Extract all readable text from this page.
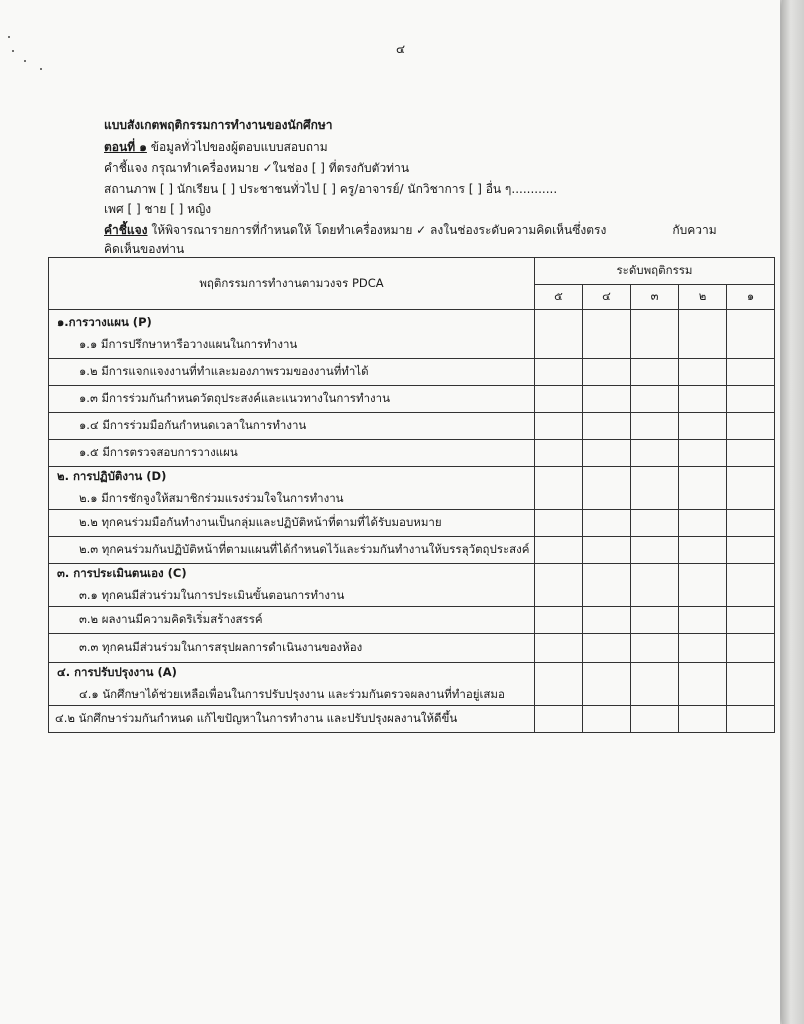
๔
แบบสังเกตพฤติกรรมการทำงานของนักศึกษา
ตอนที่ ๑ ข้อมูลทั่วไปของผู้ตอบแบบสอบถาม
คำชี้แจง กรุณาทำเครื่องหมาย ✓ในช่อง [ ] ที่ตรงกับตัวท่าน
สถานภาพ [ ] นักเรียน [ ] ประชาชนทั่วไป [ ] ครู/อาจารย์/ นักวิชาการ [ ] อื่น ๆ............
เพศ [ ] ชาย [ ] หญิง
คำชี้แจง ให้พิจารณารายการที่กำหนดให้ โดยทำเครื่องหมาย ✓ ลงในช่องระดับความคิดเห็นซึ่งตรง	กับความ
คิดเห็นของท่าน
พฤติกรรมการทำงานตามวงจร PDCA	ระดับพฤติกรรม				
	๕	๔	๓	๒	๑

๑.การวางแผน (P)
๑.๑ มีการปรึกษาหารือวางแผนในการทำงาน					

๑.๒ มีการแจกแจงงานที่ทำและมองภาพรวมของงานที่ทำได้					

๑.๓ มีการร่วมกันกำหนดวัตถุประสงค์และแนวทางในการทำงาน					

๑.๔ มีการร่วมมือกันกำหนดเวลาในการทำงาน					

๑.๕ มีการตรวจสอบการวางแผน					

๒. การปฏิบัติงาน (D)
๒.๑ มีการชักจูงให้สมาชิกร่วมแรงร่วมใจในการทำงาน					

๒.๒ ทุกคนร่วมมือกันทำงานเป็นกลุ่มและปฏิบัติหน้าที่ตามที่ได้รับมอบหมาย					

๒.๓ ทุกคนร่วมกันปฏิบัติหน้าที่ตามแผนที่ได้กำหนดไว้และร่วมกันทำงานให้บรรลุวัตถุประสงค์					

๓. การประเมินตนเอง (C)
๓.๑ ทุกคนมีส่วนร่วมในการประเมินขั้นตอนการทำงาน					

๓.๒ ผลงานมีความคิดริเริ่มสร้างสรรค์					

๓.๓ ทุกคนมีส่วนร่วมในการสรุปผลการดำเนินงานของห้อง					

๔. การปรับปรุงงาน (A)
๔.๑ นักศึกษาได้ช่วยเหลือเพื่อนในการปรับปรุงงาน และร่วมกันตรวจผลงานที่ทำอยู่เสมอ					

๔.๒ นักศึกษาร่วมกันกำหนด แก้ไขปัญหาในการทำงาน และปรับปรุงผลงานให้ดีขึ้น					
